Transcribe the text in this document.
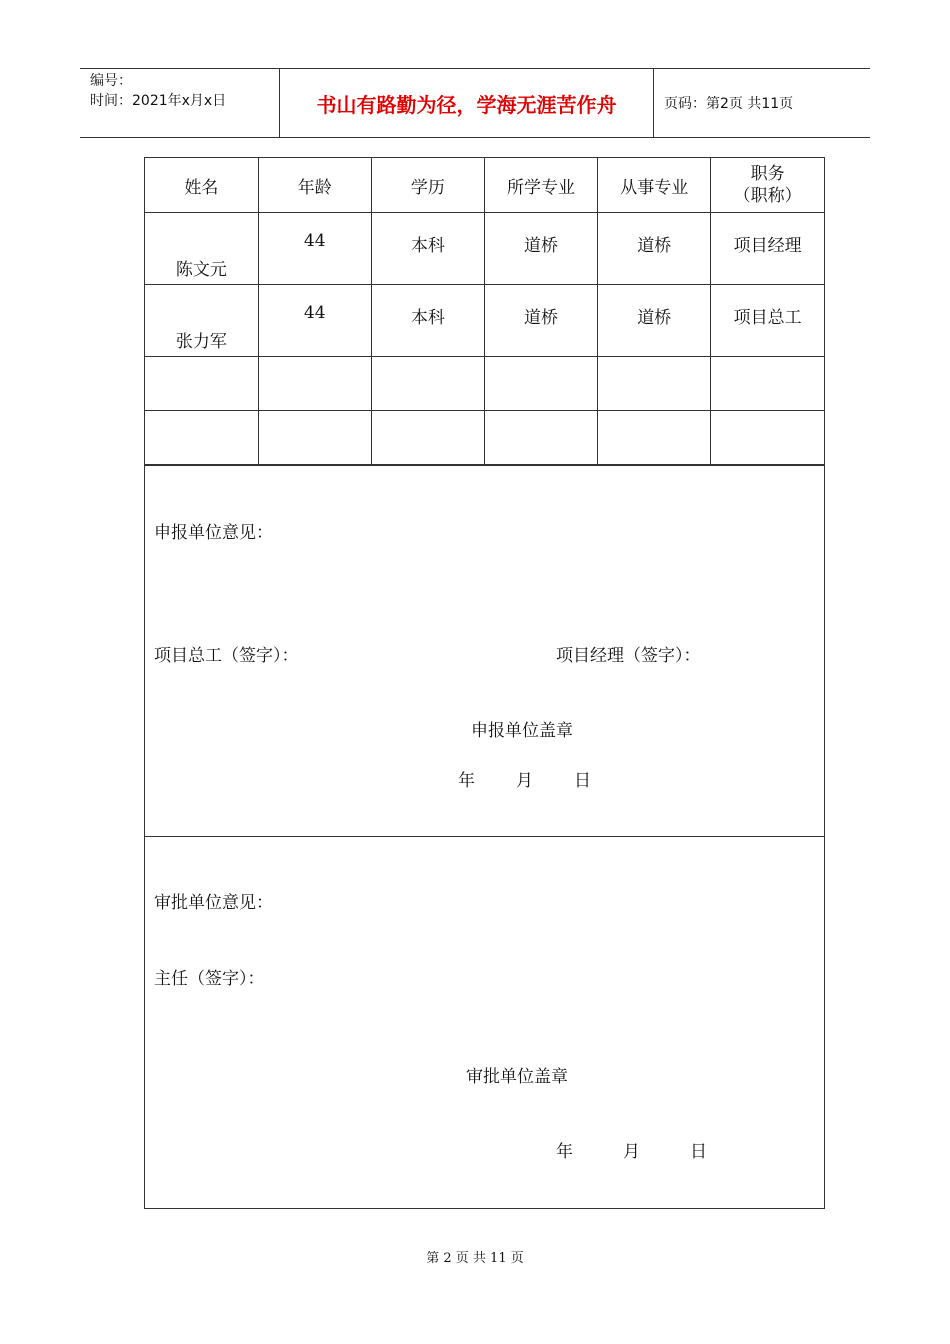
编号：
时间：2021年x月x日	书山有路勤为径，学海无涯苦作舟	页码：第2页 共11页
姓名	年龄	学历	所学专业	从事专业	职务
（职称）

陈文元	44	本科	道桥	道桥	项目经理
张力军	44	本科	道桥	道桥	项目总工

申报单位意见：
项目总工（签字）：	项目经理（签字）：
申报单位盖章
年 月 日
审批单位意见：
主任（签字）：
审批单位盖章
年	月	日
第 2 页 共 11 页
